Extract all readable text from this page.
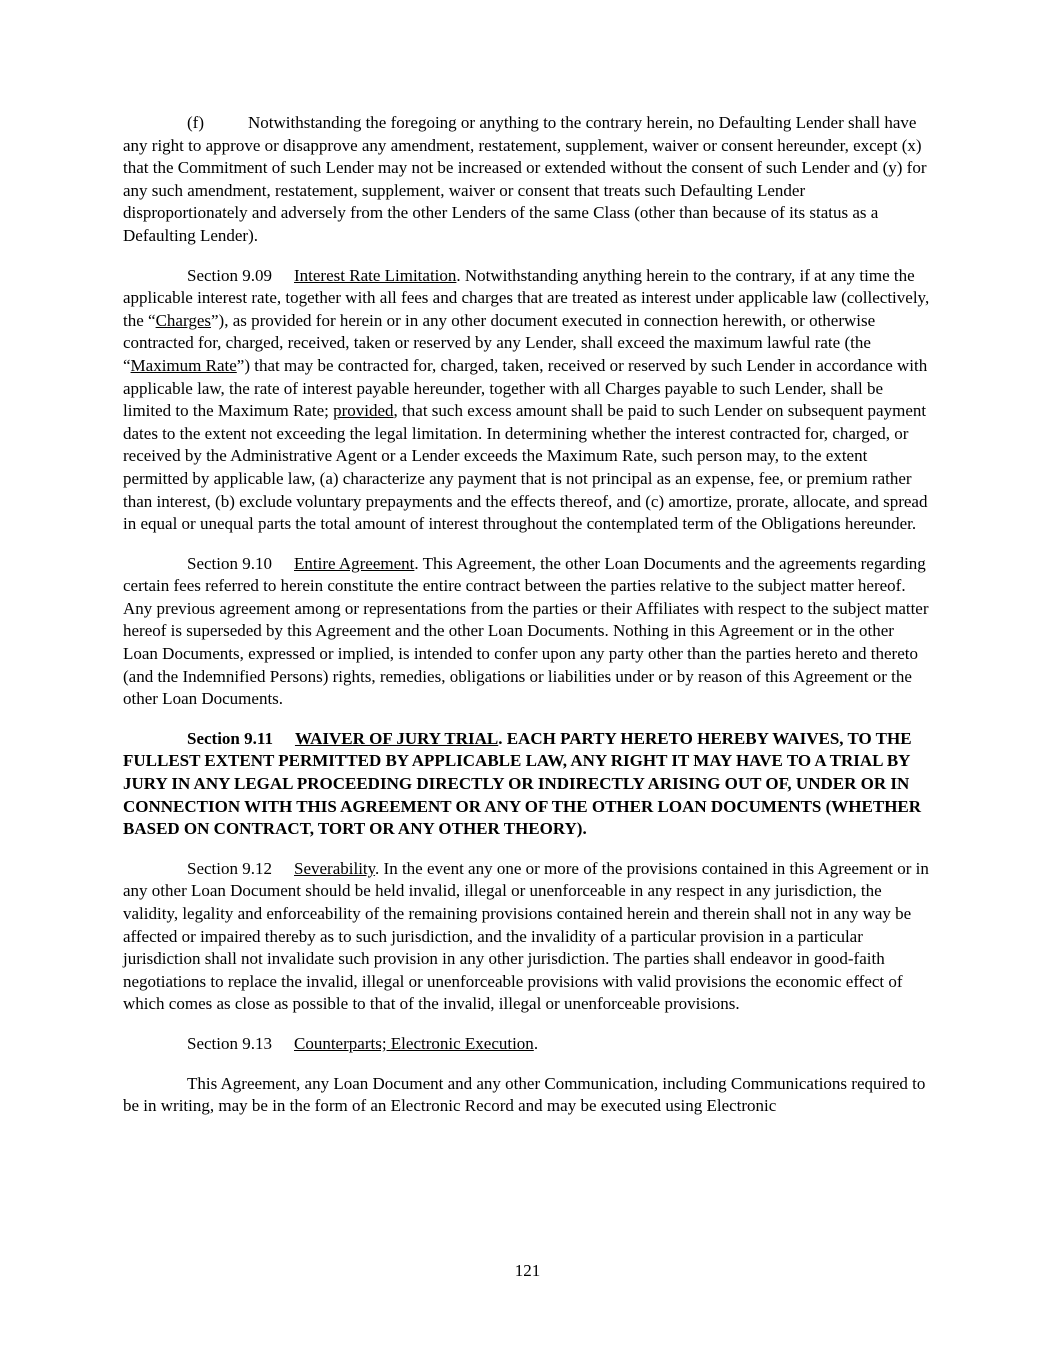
(f)	Notwithstanding the foregoing or anything to the contrary herein, no Defaulting Lender shall have any right to approve or disapprove any amendment, restatement, supplement, waiver or consent hereunder, except (x) that the Commitment of such Lender may not be increased or extended without the consent of such Lender and (y) for any such amendment, restatement, supplement, waiver or consent that treats such Defaulting Lender disproportionately and adversely from the other Lenders of the same Class (other than because of its status as a Defaulting Lender).

Section 9.09 Interest Rate Limitation. Notwithstanding anything herein to the contrary, if at any time the applicable interest rate, together with all fees and charges that are treated as interest under applicable law (collectively, the “Charges”), as provided for herein or in any other document executed in connection herewith, or otherwise contracted for, charged, received, taken or reserved by any Lender, shall exceed the maximum lawful rate (the “Maximum Rate”) that may be contracted for, charged, taken, received or reserved by such Lender in accordance with applicable law, the rate of interest payable hereunder, together with all Charges payable to such Lender, shall be limited to the Maximum Rate; provided, that such excess amount shall be paid to such Lender on subsequent payment dates to the extent not exceeding the legal limitation. In determining whether the interest contracted for, charged, or received by the Administrative Agent or a Lender exceeds the Maximum Rate, such person may, to the extent permitted by applicable law, (a) characterize any payment that is not principal as an expense, fee, or premium rather than interest, (b) exclude voluntary prepayments and the effects thereof, and (c) amortize, prorate, allocate, and spread in equal or unequal parts the total amount of interest throughout the contemplated term of the Obligations hereunder.

Section 9.10 Entire Agreement. This Agreement, the other Loan Documents and the agreements regarding certain fees referred to herein constitute the entire contract between the parties relative to the subject matter hereof. Any previous agreement among or representations from the parties or their Affiliates with respect to the subject matter hereof is superseded by this Agreement and the other Loan Documents. Nothing in this Agreement or in the other Loan Documents, expressed or implied, is intended to confer upon any party other than the parties hereto and thereto (and the Indemnified Persons) rights, remedies, obligations or liabilities under or by reason of this Agreement or the other Loan Documents.

Section 9.11 WAIVER OF JURY TRIAL. EACH PARTY HERETO HEREBY WAIVES, TO THE FULLEST EXTENT PERMITTED BY APPLICABLE LAW, ANY RIGHT IT MAY HAVE TO A TRIAL BY JURY IN ANY LEGAL PROCEEDING DIRECTLY OR INDIRECTLY ARISING OUT OF, UNDER OR IN CONNECTION WITH THIS AGREEMENT OR ANY OF THE OTHER LOAN DOCUMENTS (WHETHER BASED ON CONTRACT, TORT OR ANY OTHER THEORY).

Section 9.12 Severability. In the event any one or more of the provisions contained in this Agreement or in any other Loan Document should be held invalid, illegal or unenforceable in any respect in any jurisdiction, the validity, legality and enforceability of the remaining provisions contained herein and therein shall not in any way be affected or impaired thereby as to such jurisdiction, and the invalidity of a particular provision in a particular jurisdiction shall not invalidate such provision in any other jurisdiction. The parties shall endeavor in good-faith negotiations to replace the invalid, illegal or unenforceable provisions with valid provisions the economic effect of which comes as close as possible to that of the invalid, illegal or unenforceable provisions.

Section 9.13 Counterparts; Electronic Execution.

This Agreement, any Loan Document and any other Communication, including Communications required to be in writing, may be in the form of an Electronic Record and may be executed using Electronic

121
